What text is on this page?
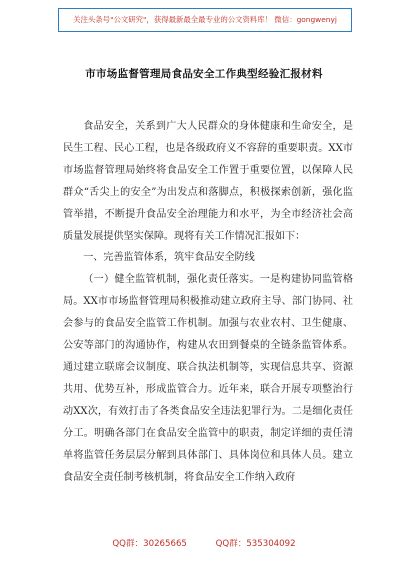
关注头条号"公文研究"，获得最新最全最专业的公文资料库！ 微信：gongwenyj
市市场监督管理局食品安全工作典型经验汇报材料

食品安全，关系到广大人民群众的身体健康和生命安全，是民生工程、民心工程，也是各级政府义不容辞的重要职责。XX市市场监督管理局始终将食品安全工作置于重要位置，以保障人民群众“舌尖上的安全”为出发点和落脚点，积极探索创新，强化监管举措，不断提升食品安全治理能力和水平，为全市经济社会高质量发展提供坚实保障。现将有关工作情况汇报如下：

一、完善监管体系，筑牢食品安全防线

（一）健全监管机制，强化责任落实。一是构建协同监管格局。XX市市场监督管理局积极推动建立政府主导、部门协同、社会参与的食品安全监管工作机制。加强与农业农村、卫生健康、公安等部门的沟通协作，构建从农田到餐桌的全链条监管体系。通过建立联席会议制度、联合执法机制等，实现信息共享、资源共用、优势互补，形成监管合力。近年来，联合开展专项整治行动XX次，有效打击了各类食品安全违法犯罪行为。二是细化责任分工。明确各部门在食品安全监管中的职责，制定详细的责任清单将监管任务层层分解到具体部门、具体岗位和具体人员。建立食品安全责任制考核机制，将食品安全工作纳入政府

QQ群：30265665	QQ群：535304092
